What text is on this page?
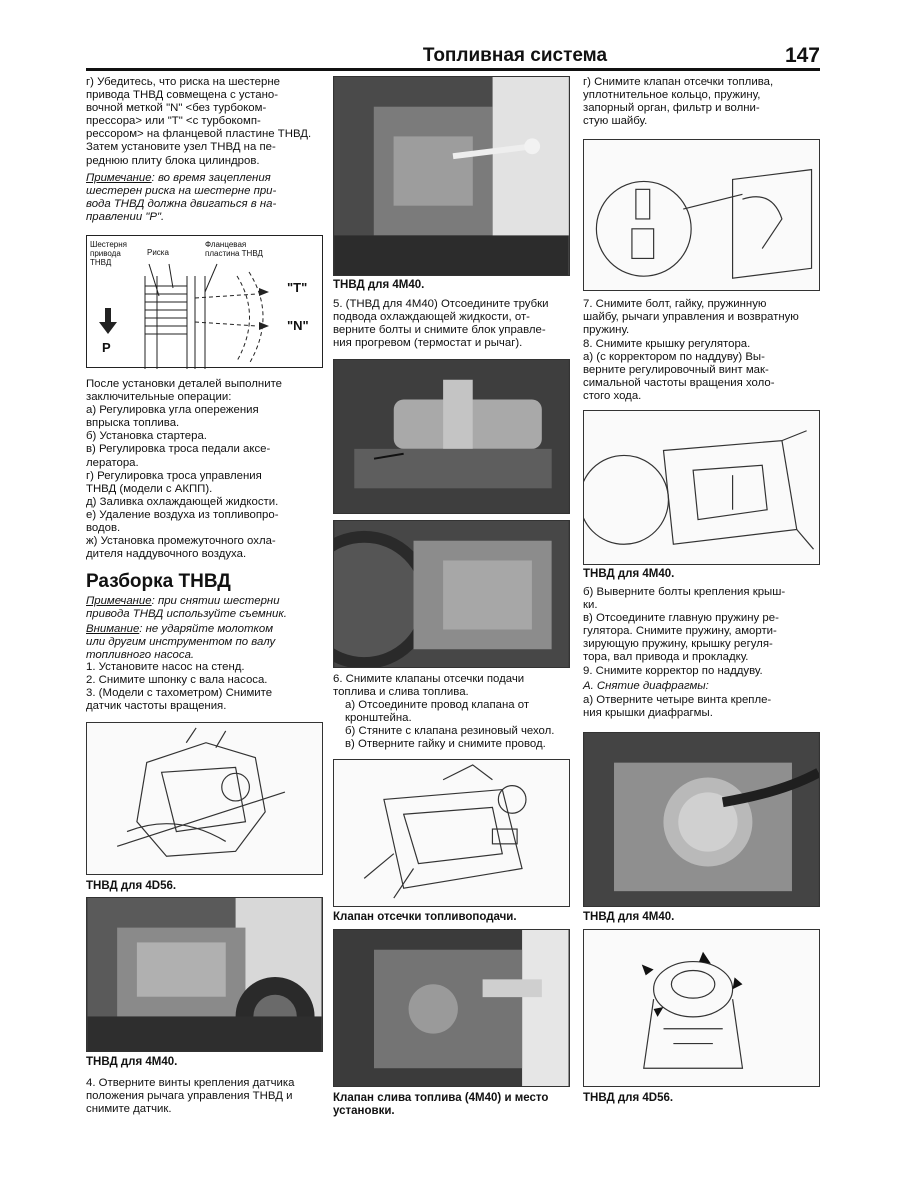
Топливная система	147
г) Убедитесь, что риска на шестерне
привода ТНВД совмещена с устано-
вочной меткой "N" <без турбоком-
прессора> или "T" <с турбокомп-
рессором> на фланцевой пластине ТНВД.
Затем установите узел ТНВД на пе-
реднюю плиту блока цилиндров.
Примечание: во время зацепления
шестерен риска на шестерне при-
вода ТНВД должна двигаться в на-
правлении "P".
Шестерня привода ТНВД
Риска
Фланцевая пластина ТНВД
"T"
"N"
P
После установки деталей выполните
заключительные операции:
а) Регулировка угла опережения
впрыска топлива.
б) Установка стартера.
в) Регулировка троса педали аксе-
лератора.
г) Регулировка троса управления
ТНВД (модели с АКПП).
д) Заливка охлаждающей жидкости.
е) Удаление воздуха из топливопро-
водов.
ж) Установка промежуточного охла-
дителя наддувочного воздуха.
Разборка ТНВД
Примечание: при снятии шестерни
привода ТНВД используйте съемник.
Внимание: не ударяйте молотком
или другим инструментом по валу
топливного насоса.
1. Установите насос на стенд.
2. Снимите шпонку с вала насоса.
3. (Модели с тахометром) Снимите
датчик частоты вращения.
ТНВД для 4D56.
ТНВД для 4M40.
4. Отверните винты крепления датчика
положения рычага управления ТНВД и
снимите датчик.
ТНВД для 4M40.
5. (ТНВД для 4M40) Отсоедините трубки
подвода охлаждающей жидкости, от-
верните болты и снимите блок управле-
ния прогревом (термостат и рычаг).
6. Снимите клапаны отсечки подачи
топлива и слива топлива.
а) Отсоедините провод клапана от
кронштейна.
б) Стяните с клапана резиновый чехол.
в) Отверните гайку и снимите провод.
Клапан отсечки топливоподачи.
Клапан слива топлива (4M40) и место
установки.
г) Снимите клапан отсечки топлива,
уплотнительное кольцо, пружину,
запорный орган, фильтр и волни-
стую шайбу.
7. Снимите болт, гайку, пружинную
шайбу, рычаги управления и возвратную
пружину.
8. Снимите крышку регулятора.
а) (с корректором по наддуву) Вы-
верните регулировочный винт мак-
симальной частоты вращения холо-
стого хода.
ТНВД для 4M40.
б) Выверните болты крепления крыш-
ки.
в) Отсоедините главную пружину ре-
гулятора. Снимите пружину, аморти-
зирующую пружину, крышку регуля-
тора, вал привода и прокладку.
9. Снимите корректор по наддуву.
А. Снятие диафрагмы:
а) Отверните четыре винта крепле-
ния крышки диафрагмы.
ТНВД для 4M40.
ТНВД для 4D56.
